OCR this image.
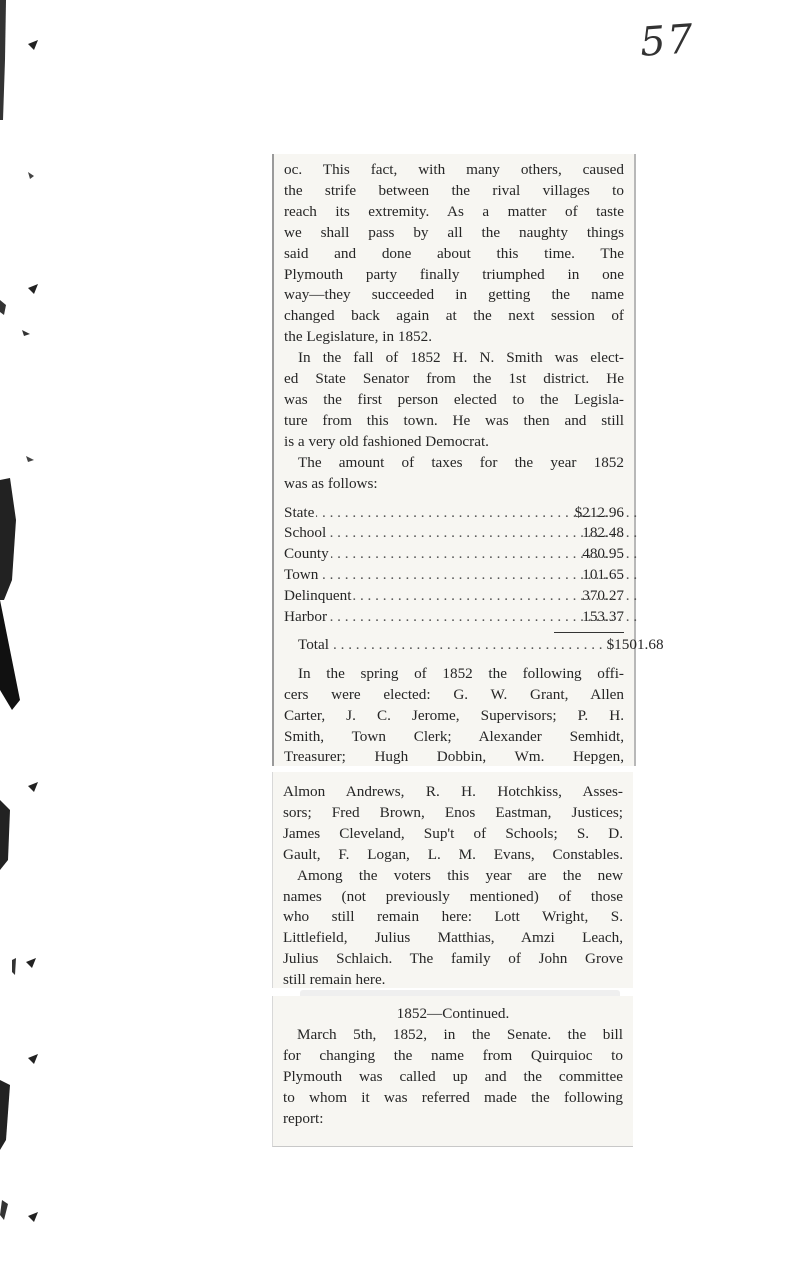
57

oc. This fact, with many others, caused
the strife between the rival villages to
reach its extremity. As a matter of taste
we shall pass by all the naughty things
said and done about this time. The
Plymouth party finally triumphed in one
way—they succeeded in getting the name
changed back again at the next session of
the Legislature, in 1852.

In the fall of 1852 H. N. Smith was elect-
ed State Senator from the 1st district. He
was the first person elected to the Legisla-
ture from this town. He was then and still
is a very old fashioned Democrat.

The amount of taxes for the year 1852
was as follows:

State . . .	$212.96
School . . .	182.48
County . . .	480.95
Town . . .	101.65
Delinquent . . .	370.27
Harbor . . .	153.37
Total . . . . . . . . . . . . . . . . . . . . . . . . . . . . . . . . . . . . $1501.68

In the spring of 1852 the following offi-
cers were elected: G. W. Grant, Allen
Carter, J. C. Jerome, Supervisors; P. H.
Smith, Town Clerk; Alexander Semhidt,
Treasurer; Hugh Dobbin, Wm. Hepgen,

Almon Andrews, R. H. Hotchkiss, Asses-
sors; Fred Brown, Enos Eastman, Justices;
James Cleveland, Sup't of Schools; S. D.
Gault, F. Logan, L. M. Evans, Constables.

Among the voters this year are the new
names (not previously mentioned) of those
who still remain here: Lott Wright, S.
Littlefield, Julius Matthias, Amzi Leach,
Julius Schlaich. The family of John Grove
still remain here.

1852—Continued.

March 5th, 1852, in the Senate. the bill
for changing the name from Quirquioc to
Plymouth was called up and the committee
to whom it was referred made the following
report:
